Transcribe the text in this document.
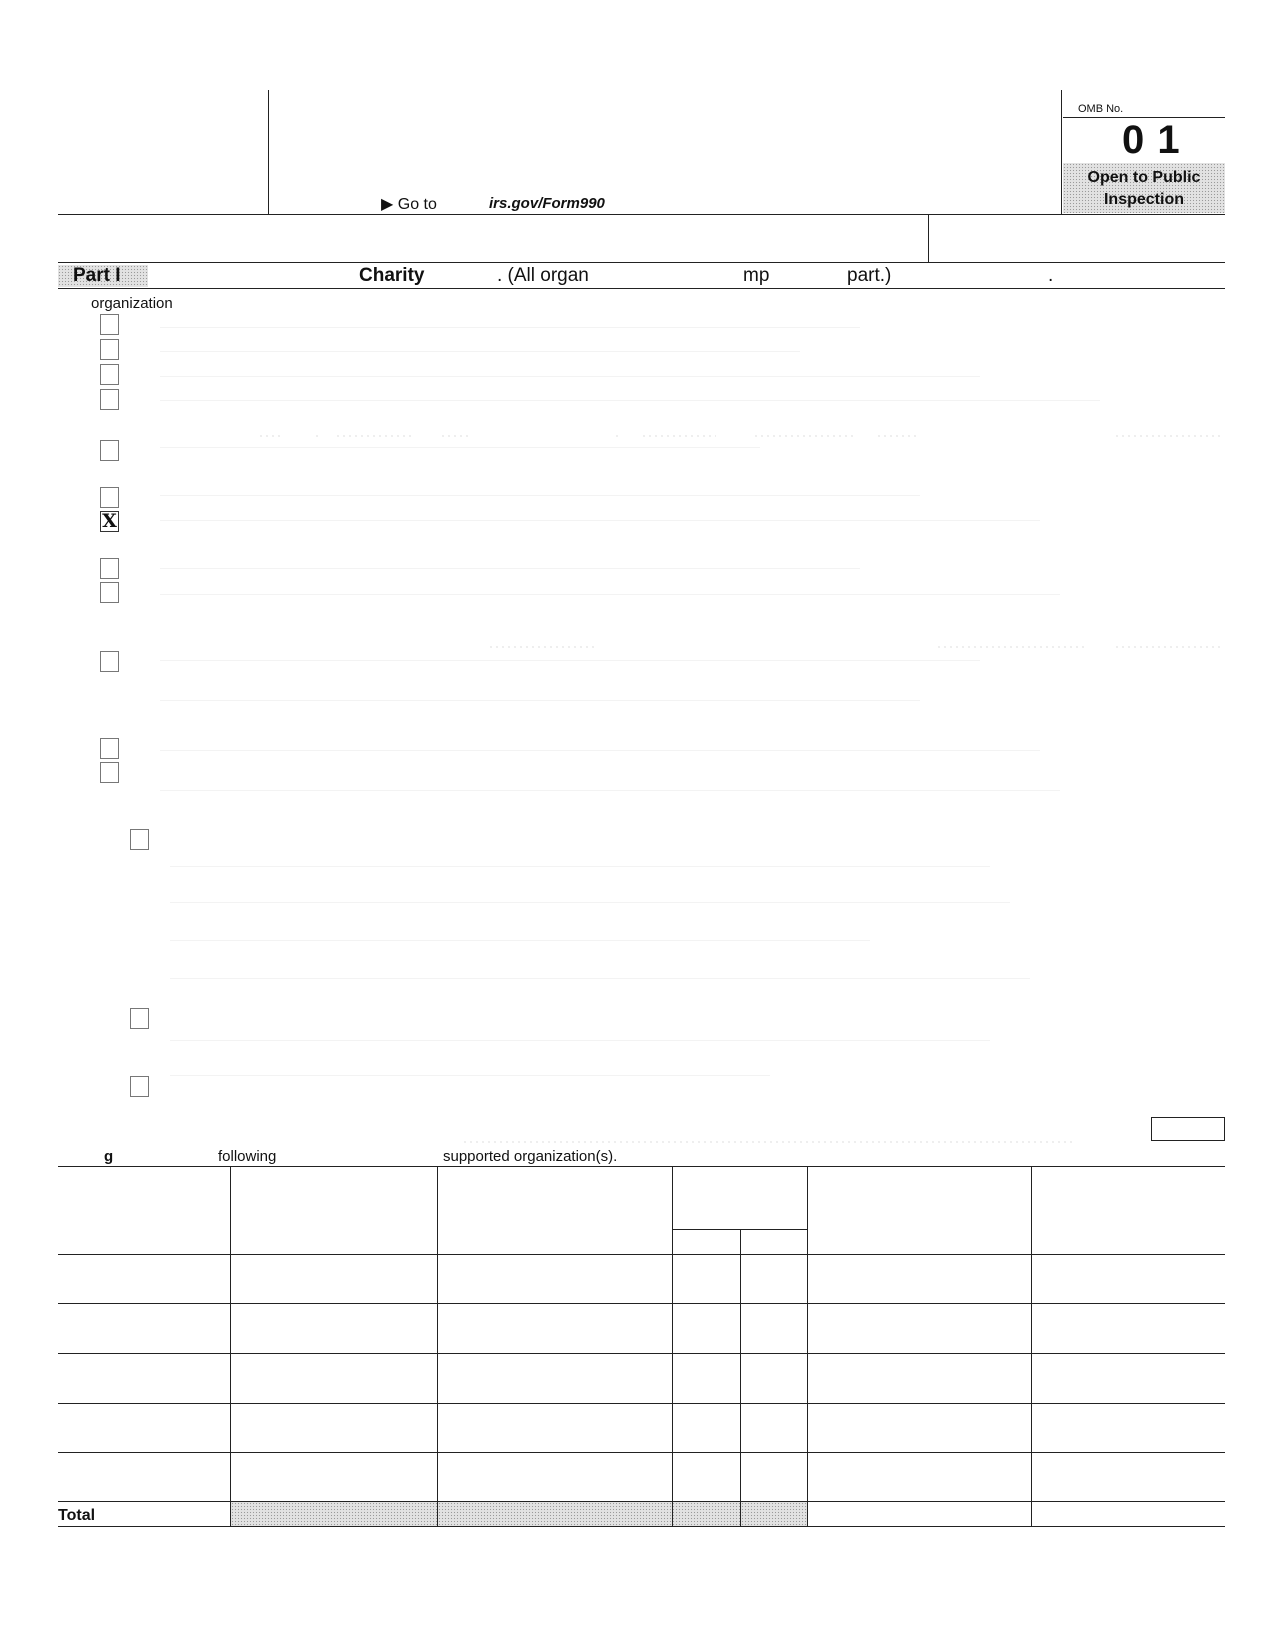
▶ Go to	irs.gov/Form990
OMB No.
0 1
Open to Public
Inspection
Part I	Charity	. (All organ	mp	part.)	.
organization
X
g	following	supported organization(s).
Total
